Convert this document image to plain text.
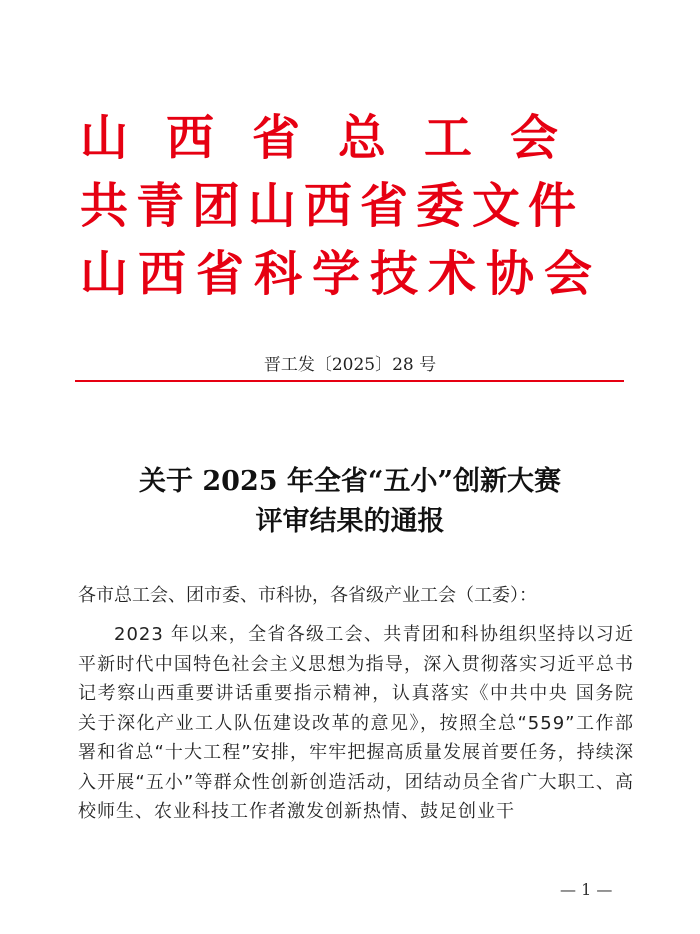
山西省总工会
共青团山西省委文件
山西省科学技术协会
晋工发〔2025〕28 号
关于 2025 年全省“五小”创新大赛
评审结果的通报
各市总工会、团市委、市科协，各省级产业工会（工委）：
2023 年以来，全省各级工会、共青团和科协组织坚持以习近平新时代中国特色社会主义思想为指导，深入贯彻落实习近平总书记考察山西重要讲话重要指示精神，认真落实《中共中央 国务院关于深化产业工人队伍建设改革的意见》，按照全总“559”工作部署和省总“十大工程”安排，牢牢把握高质量发展首要任务，持续深入开展“五小”等群众性创新创造活动，团结动员全省广大职工、高校师生、农业科技工作者激发创新热情、鼓足创业干
— 1 —
